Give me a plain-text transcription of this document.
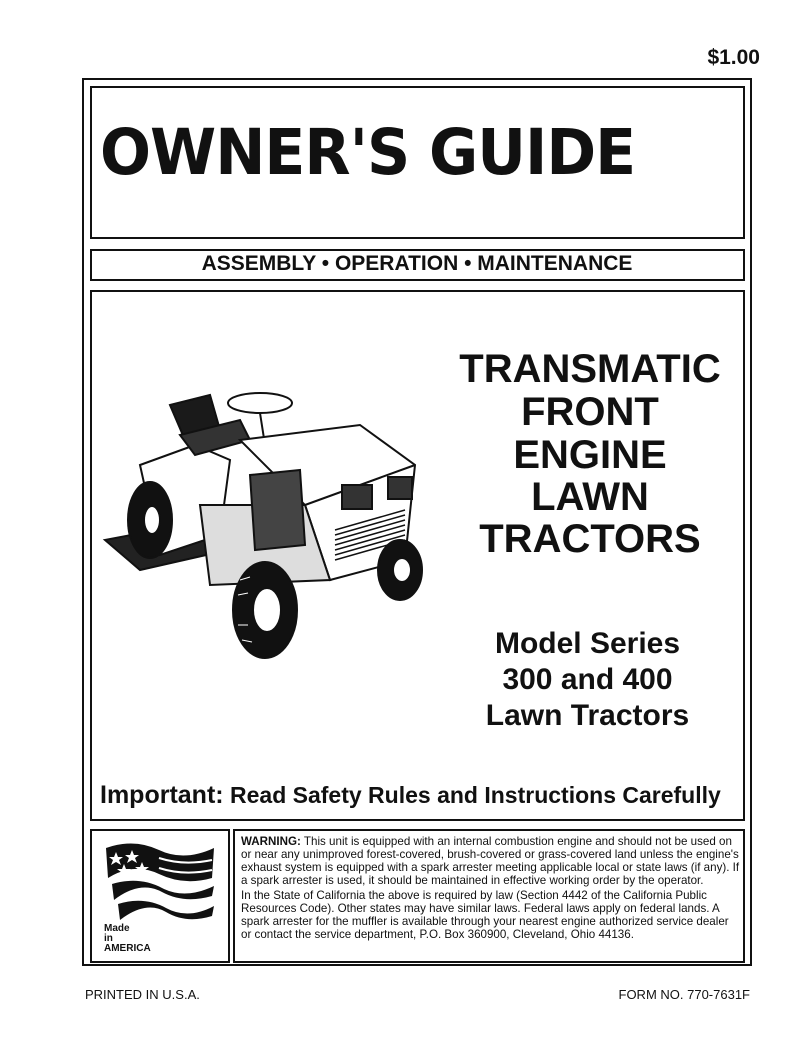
$1.00
OWNER'S GUIDE
ASSEMBLY • OPERATION • MAINTENANCE
TRANSMATIC
FRONT
ENGINE
LAWN
TRACTORS
Model Series
300 and 400
Lawn Tractors
Important: Read Safety Rules and Instructions Carefully
Made
in
AMERICA

WARNING: This unit is equipped with an internal combustion engine and should not be used on or near any unimproved forest-covered, brush-covered or grass-covered land unless the engine's exhaust system is equipped with a spark arrester meeting applicable local or state laws (if any). If a spark arrester is used, it should be maintained in effective working order by the operator.

In the State of California the above is required by law (Section 4442 of the California Public Resources Code). Other states may have similar laws. Federal laws apply on federal lands. A spark arrester for the muffler is available through your nearest engine authorized service dealer or contact the service department, P.O. Box 360900, Cleveland, Ohio 44136.

PRINTED IN U.S.A.	FORM NO. 770-7631F
